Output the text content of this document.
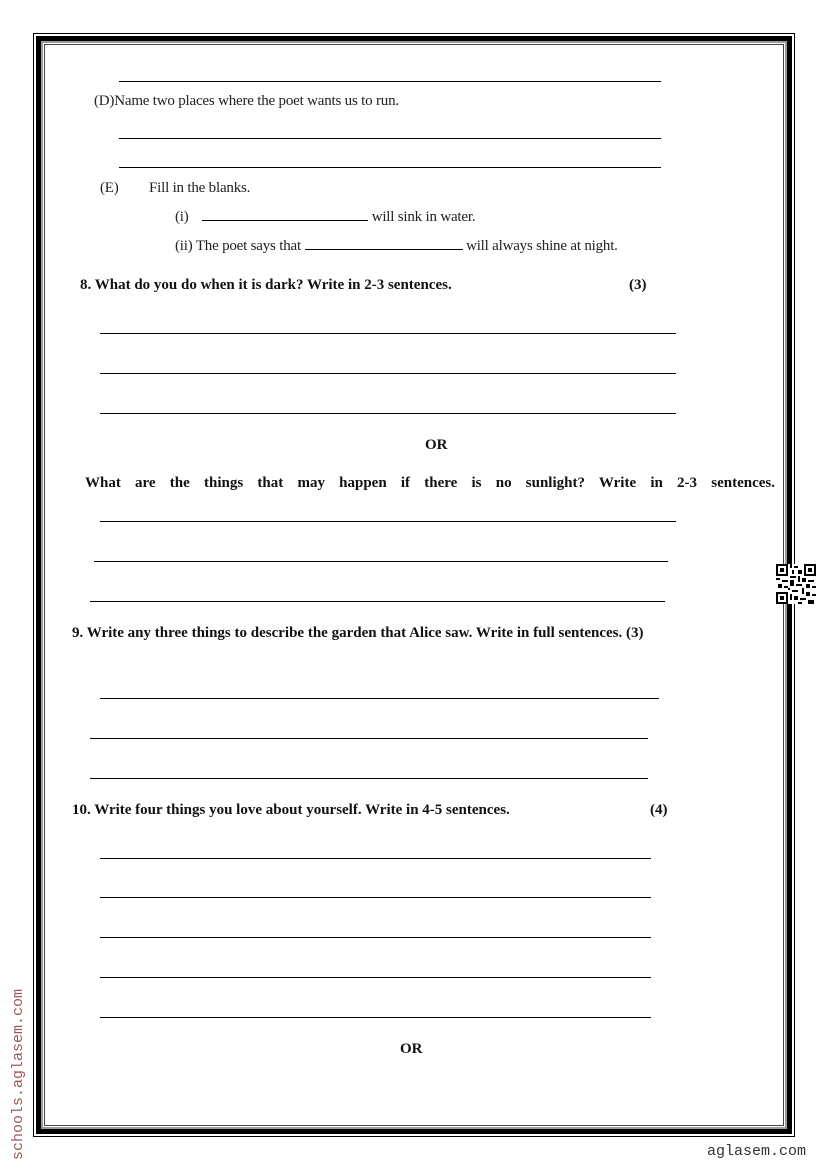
(D)Name two places where the poet wants us to run.
(E) Fill in the blanks.
(i)	will sink in water.
(ii) The poet says that	will always shine at night.
8. What do you do when it is dark? Write in 2-3 sentences.	(3)
OR
What are the things that may happen if there is no sunlight? Write in 2-3 sentences.
9. Write any three things to describe the garden that Alice saw. Write in full sentences. (3)
10. Write four things you love about yourself. Write in 4-5 sentences.	(4)
OR
schools.aglasem.com	aglasem.com
